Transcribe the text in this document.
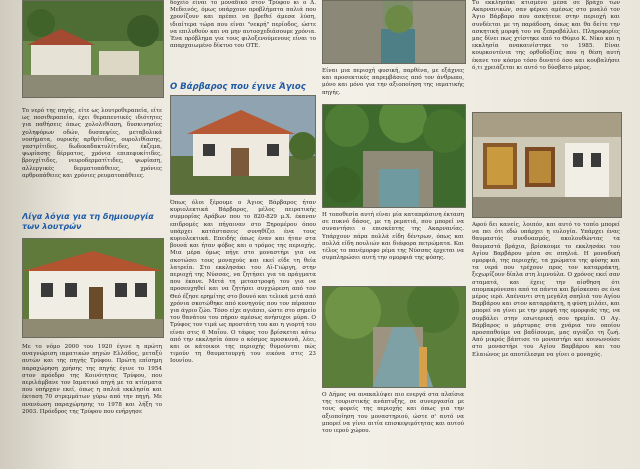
Το νερό της πηγής, είτε ως λουτροθεραπεία, είτε ως ποσιθεραπεία, έχει θεραπευτικές ιδιότητες για παθήσεις όπως χολολιθίαση, δυσκινησίες χοληφόρων οδών, δυσπεψίες, μεταβολικά νοσήματα, ουρικής αρθρίτιδας, ουρολιθίασης, γαστρίτιδες, δωδεκαδακτυλίτιδες, έκζεμα, ψωρίασης δέρματος, χρόνια επιπεφυκίτιδες, βρογχίτιδες, νευροδερματίτιδες, ψωρίαση, αλλεργικές δερματοπάθειες, χρόνιες αρθροπάθειες και χρόνιες ρευματοπάθειες.

Λίγα λόγια για τη δημιουργία των λουτρών

Με το νόμο 2000 του 1920 έγινε η πρώτη αναγνώριση ιαματικών πηγών Ελλάδος, μεταξύ αυτών και της πηγής Τρύφου. Πρώτη επίσημη παραχώρηση χρήσης της πηγής έγινε το 1954 στον πρόεδρο της Κοινότητας Τρύφου, που περιλάμβανε τον Ιαματικό πηγή με τα κτίσματα που υπήρχαν εκεί, όπως η παλιά εκκλησία και έκταση 70 στρεμμάτων γύρω από την πηγή. Με ανανέωση παραχώρησης το 1978 και λήξη το 2003. Πρόεδρος της Τρύφου που ενήργησε

δοχείο είναι το μοναδικό στον Τρύφου κι ο Δ. Μεδεινός, όμως υπάρχουν προβλήματα παλιά που χρονίζουν και πρέπει να βρεθεί άμεσα λύση, ιδιαίτερα τώρα που είναι "νεκρή" περίοδος, ώστε να επιλυθούν και να μην αυτοσχεδιάσουμε χρόνια. Ένα πρόβλημα για τους φιλοξενούμενους είναι το απαρχαιωμένο δίκτυο του ΟΤΕ.

Ο Βάρβαρος που έγινε Άγιος

Όπως όλοι ξέρουμε ο Άγιος Βάρβαρος ήταν κυριολεκτικά Βάρβαρος, μέλος πειρατικής συμμορίας Αράβων που το 820-829 μ.Χ. έκαναν επιδρομές και πήγαιναν στο Ξηρομέρου όπου υπάρχει κατάστασεις συνηθίζει ένα τους κυριολεκτικά. Επειδής όπως έναν και ήταν στα βουνά και ήταν φόβος και ο τρόμος της περιοχής. Μια μέρα όμως πήγε στο μοναστήρι για να σκοτώσει τους μοναχούς και εκεί είδε τη θεία λατρεία. Στο εκκλησάκι του Αϊ-Γιώργη, στην περιοχή της Νύσσας, να ζητήσει για τα πράγματα που έκανε. Μετά τη μεταστροφή του για να προσευχηθεί και να ζητήσει συγχώρεση από τον Θεό έζησε ερημίτης στο βουνό και τελικά μετά από χρόνια σκοτώθηκε από κυνηγούς που τον πέρασαν για άγριο ζώο. Τόσο είχε αγιάσει, ώστε στο σημείο του θανάτου του πήραν αμέσως ανήσυχοι μύρα. Ο Τρύφος τον τιμά ως προστάτη του και η γιορτή του είναι στις 6 Μαΐου. Ο τάφος του βρίσκεται κάτω από την εκκλησία όπου ο κόσμος προσκυνά, λέει, και οι κάτοικοι της περιοχής θυμούνται πώς τιμούν τη θαυματουργή του εικόνα στις 23 Ιουνίου.

Είναι μια περιοχή φυσική, παρθένα, με εξάχνες και προσεκτικές παρεμβάσεις από τον άνθρωπο, μόνο και μόνο για την αξιοποίηση της ιαματικής πηγής.

Η τοποθεσία αυτή είναι μία καταπράσινη έκταση σε πυκνό δάσος, με τη ρεματιά, που μπορεί να συναντήσει ο επισκέπτης της Ακαρνανίας. Υπάρχουν πάρα πολλά είδη δέντρων, όπως και πολλά είδη πουλιών και διάφορα πετρώματα. Και τέλος το πανέμορφο ρέμα της Νύσσας έρχεται να συμπληρώσει αυτή την ομορφιά της φύσης.

Ο Δήμος να ανακαλύψει πιο ενεργά στα πλαίσια της τουριστικής ανάπτυξης, σε συνεργασία με τους φορείς της περιοχής και όπως για την αξιοποίηση του μοναστηριού, ώστε σ' αυτό να μπορεί να γίνει αιτία επισκεψιμότητας και αυτού του ιερού χώρου.

Το εκκλησάκι κτισμένο μέσα σε βράχο των Ακαρνανικών, σαν φέρνει αμέσως στο μυαλό τον Άγιο Βάρβαρο που ασκήτευε στην περιοχή και συνδέεται με τη παράδοση, όπως και θα δείτε την ασκητική μορφή του να ξεπροβάλλει. Πληροφορίες μας δίνει πως χτίστηκε από το Θύμιο Κ. Νίκο και η εκκλησία ανακαινίστηκε το 1985. Είναι κουρκουτένια της ορθοδοξίας που η θέση αυτή έκανε τον κόσμο τόσο δυνατό όσο και κουβαλήσει ό,τι χρειάζεται κι αυτό το δύσβατο μέρος.

Αφού δει κανείς, λοιπόν, και αυτό το τοπίο μπορεί να πει ότι εδώ υπάρχει η ευλογία. Υπάρχει ένας θαυμαστός συνδυασμός, ακολουθώντας τα θαυμαστά βράχια, βρίσκουμε το εκκλησάκι του Αγίου Βαρβάρου μέσα σε σπηλιά. Η μοναδική ομορφιά, της περιοχής, τα χρώματα της φύσης και τα νερά που τρέχουν προς τον καταρράκτη, ξεχωρίζουν δίπλα στη λιμνούλα. Ο χρόνος εκεί σαν σταματά, και έχεις την αίσθηση ότι απομακρύνεσαι από τα πάντα και βρίσκεσαι σε ένα μέρος ιερό. Απέναντι στη μεγάλη σπηλιά του Αγίου Βαρβάρου και στον καταρράκτη, η φύση μιλάει, και μπορεί να γίνει με την μορφή της ομορφιάς της, να συμβάλει στην εσωτερική σου ηρεμία. Ο Αγ. Βάρβαρος ο μάρτυρας στα χνάρια του οποίου προσπαθούμε να βαδίσουμε, μας αγιάζει τη ζωή. Από μικρός βάπτισε το μοναστήρι και κοινωνούσε στο μοναστήρι του Αγίου Βαρβάρου και του Ελαιώνος με αποτέλεσμα να γίνει ο μοναχός.
